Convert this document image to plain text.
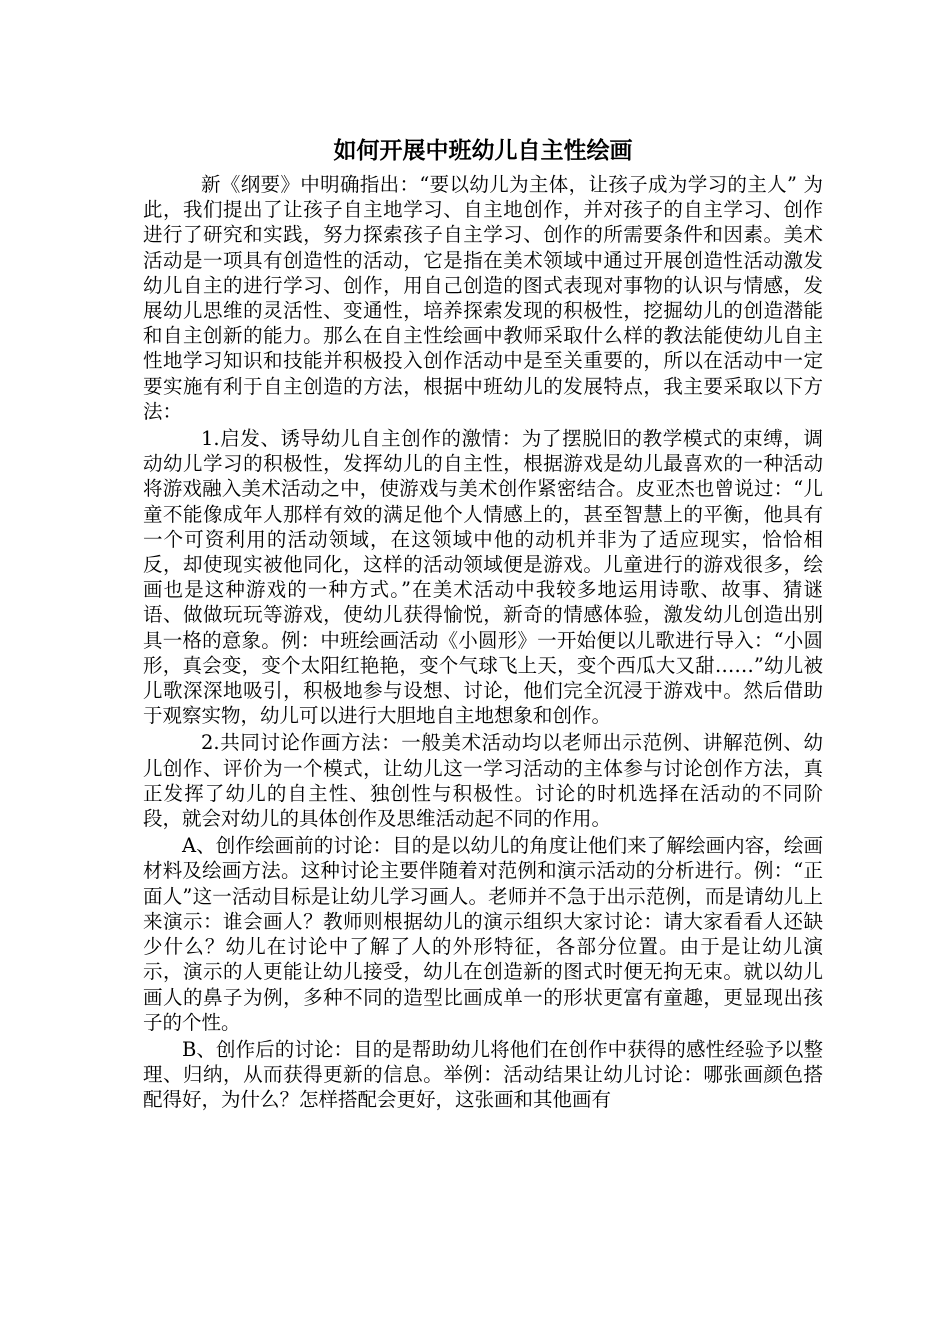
如何开展中班幼儿自主性绘画

新《纲要》中明确指出：“要以幼儿为主体，让孩子成为学习的主人” 为此，我们提出了让孩子自主地学习、自主地创作，并对孩子的自主学习、创作进行了研究和实践，努力探索孩子自主学习、创作的所需要条件和因素。美术活动是一项具有创造性的活动，它是指在美术领域中通过开展创造性活动激发幼儿自主的进行学习、创作，用自己创造的图式表现对事物的认识与情感，发展幼儿思维的灵活性、变通性，培养探索发现的积极性，挖掘幼儿的创造潜能和自主创新的能力。那么在自主性绘画中教师采取什么样的教法能使幼儿自主性地学习知识和技能并积极投入创作活动中是至关重要的，所以在活动中一定要实施有利于自主创造的方法，根据中班幼儿的发展特点，我主要采取以下方法：

1.启发、诱导幼儿自主创作的激情：为了摆脱旧的教学模式的束缚，调动幼儿学习的积极性，发挥幼儿的自主性，根据游戏是幼儿最喜欢的一种活动将游戏融入美术活动之中，使游戏与美术创作紧密结合。皮亚杰也曾说过：“儿童不能像成年人那样有效的满足他个人情感上的，甚至智慧上的平衡，他具有一个可资利用的活动领域，在这领域中他的动机并非为了适应现实，恰恰相反，却使现实被他同化，这样的活动领域便是游戏。儿童进行的游戏很多，绘画也是这种游戏的一种方式。”在美术活动中我较多地运用诗歌、故事、猜谜语、做做玩玩等游戏，使幼儿获得愉悦，新奇的情感体验，激发幼儿创造出别具一格的意象。例：中班绘画活动《小圆形》一开始便以儿歌进行导入：“小圆形，真会变，变个太阳红艳艳，变个气球飞上天，变个西瓜大又甜……”幼儿被儿歌深深地吸引，积极地参与设想、讨论，他们完全沉浸于游戏中。然后借助于观察实物，幼儿可以进行大胆地自主地想象和创作。

2.共同讨论作画方法：一般美术活动均以老师出示范例、讲解范例、幼儿创作、评价为一个模式，让幼儿这一学习活动的主体参与讨论创作方法，真正发挥了幼儿的自主性、独创性与积极性。讨论的时机选择在活动的不同阶段，就会对幼儿的具体创作及思维活动起不同的作用。

A、创作绘画前的讨论：目的是以幼儿的角度让他们来了解绘画内容，绘画材料及绘画方法。这种讨论主要伴随着对范例和演示活动的分析进行。例：“正面人”这一活动目标是让幼儿学习画人。老师并不急于出示范例，而是请幼儿上来演示：谁会画人？教师则根据幼儿的演示组织大家讨论：请大家看看人还缺少什么？幼儿在讨论中了解了人的外形特征，各部分位置。由于是让幼儿演示，演示的人更能让幼儿接受，幼儿在创造新的图式时便无拘无束。就以幼儿画人的鼻子为例，多种不同的造型比画成单一的形状更富有童趣，更显现出孩子的个性。

B、创作后的讨论：目的是帮助幼儿将他们在创作中获得的感性经验予以整理、归纳，从而获得更新的信息。举例：活动结果让幼儿讨论：哪张画颜色搭配得好，为什么？怎样搭配会更好，这张画和其他画有
